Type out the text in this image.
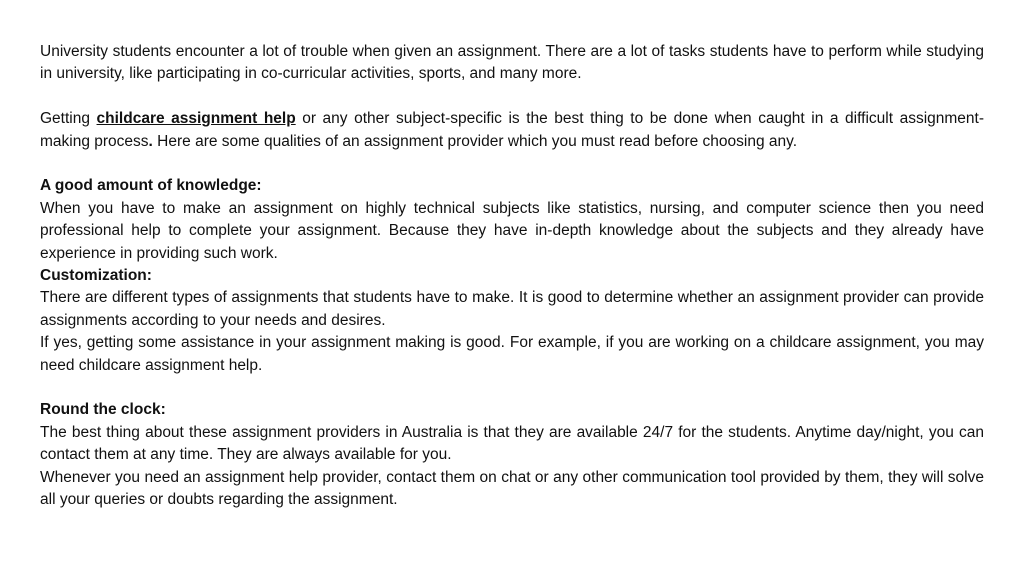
University students encounter a lot of trouble when given an assignment. There are a lot of tasks students have to perform while studying in university, like participating in co-curricular activities, sports, and many more.

Getting childcare assignment help or any other subject-specific is the best thing to be done when caught in a difficult assignment-making process. Here are some qualities of an assignment provider which you must read before choosing any.

A good amount of knowledge:

When you have to make an assignment on highly technical subjects like statistics, nursing, and computer science then you need professional help to complete your assignment. Because they have in-depth knowledge about the subjects and they already have experience in providing such work.

Customization:

There are different types of assignments that students have to make. It is good to determine whether an assignment provider can provide assignments according to your needs and desires.

If yes, getting some assistance in your assignment making is good. For example, if you are working on a childcare assignment, you may need childcare assignment help.

Round the clock:

The best thing about these assignment providers in Australia is that they are available 24/7 for the students. Anytime day/night, you can contact them at any time. They are always available for you.

Whenever you need an assignment help provider, contact them on chat or any other communication tool provided by them, they will solve all your queries or doubts regarding the assignment.
